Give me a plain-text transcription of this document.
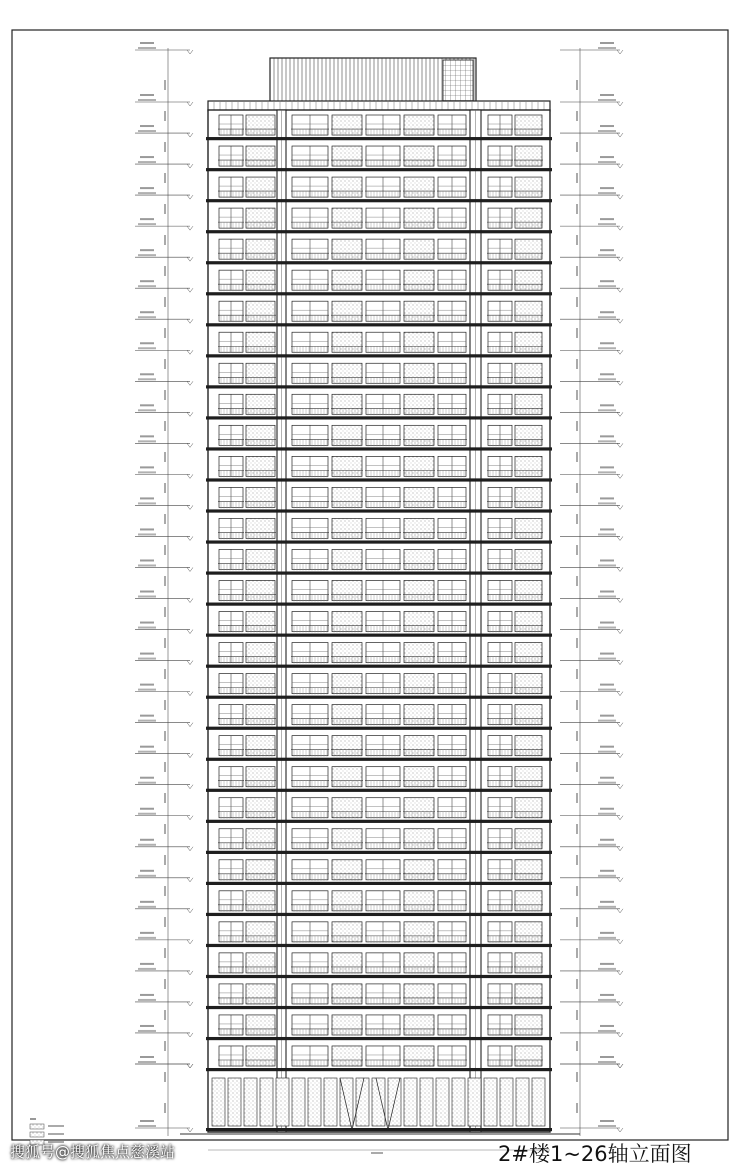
搜狐号@搜狐焦点慈溪站	2#楼1~26轴立面图
